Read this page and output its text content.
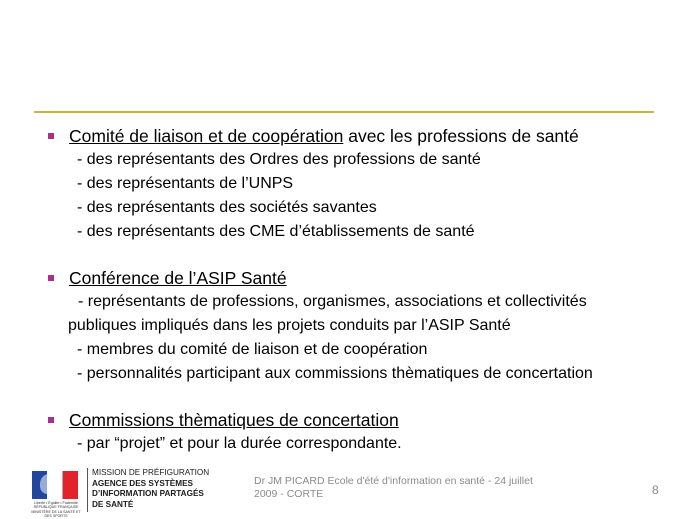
Comité de liaison et de coopération avec les professions de santé
- des représentants des Ordres des professions de santé
- des représentants de l’UNPS
- des représentants des sociétés savantes
- des représentants des CME d’établissements de santé
Conférence de l’ASIP Santé
- représentants de professions, organismes, associations et collectivités publiques impliqués dans les projets conduits par l’ASIP Santé
- membres du comité de liaison et de coopération
- personnalités participant aux commissions thèmatiques de concertation
Commissions thèmatiques de concertation
- par “projet” et pour la durée correspondante.
Liberté • Égalité • Fraternité
RÉPUBLIQUE FRANÇAISE
MINISTÈRE DE LA SANTÉ ET DES SPORTS
MISSION DE PRÉFIGURATION
AGENCE DES SYSTÈMES
D’INFORMATION PARTAGÉS
DE SANTÉ
Dr JM PICARD Ecole d'été d'information en santé - 24 juillet 2009 - CORTE	8
